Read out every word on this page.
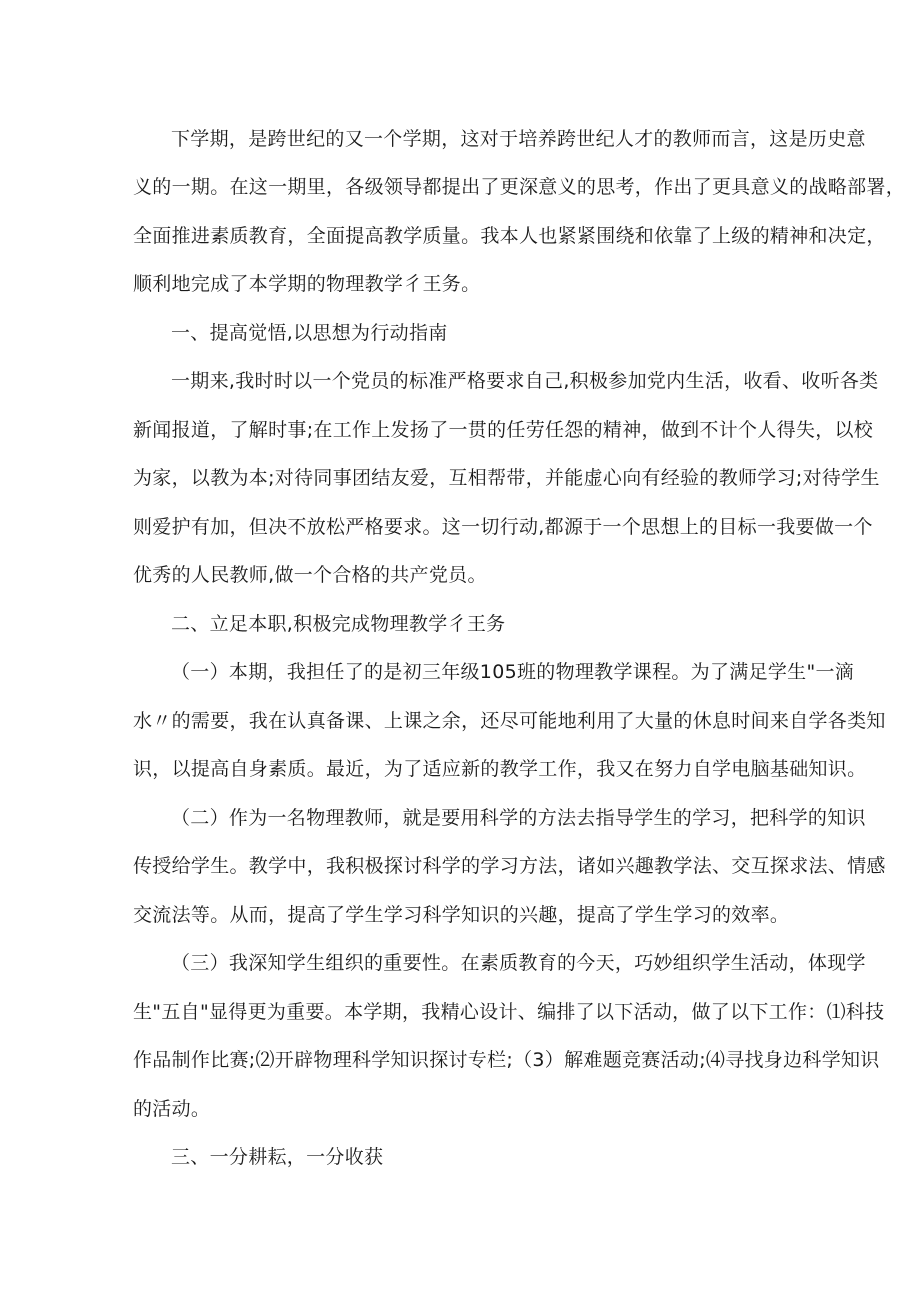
下学期，是跨世纪的又一个学期，这对于培养跨世纪人才的教师而言，这是历史意
义的一期。在这一期里，各级领导都提出了更深意义的思考，作出了更具意义的战略部署，
全面推进素质教育，全面提高教学质量。我本人也紧紧围绕和依靠了上级的精神和决定，
顺利地完成了本学期的物理教学彳王务。
一、提高觉悟,以思想为行动指南
一期来,我时时以一个党员的标准严格要求自己,积极参加党内生活，收看、收听各类
新闻报道，了解时事;在工作上发扬了一贯的任劳任怨的精神，做到不计个人得失，以校
为家，以教为本;对待同事团结友爱，互相帮带，并能虚心向有经验的教师学习;对待学生
则爱护有加，但决不放松严格要求。这一切行动,都源于一个思想上的目标一我要做一个
优秀的人民教师,做一个合格的共产党员。
二、立足本职,积极完成物理教学彳王务
（一）本期，我担任了的是初三年级105班的物理教学课程。为了满足学生"一滴
水〃的需要，我在认真备课、上课之余，还尽可能地利用了大量的休息时间来自学各类知
识，以提高自身素质。最近，为了适应新的教学工作，我又在努力自学电脑基础知识。
（二）作为一名物理教师，就是要用科学的方法去指导学生的学习，把科学的知识
传授给学生。教学中，我积极探讨科学的学习方法，诸如兴趣教学法、交互探求法、情感
交流法等。从而，提高了学生学习科学知识的兴趣，提高了学生学习的效率。
（三）我深知学生组织的重要性。在素质教育的今天，巧妙组织学生活动，体现学
生"五自"显得更为重要。本学期，我精心设计、编排了以下活动，做了以下工作：⑴科技
作品制作比赛;⑵开辟物理科学知识探讨专栏;（3）解难题竞赛活动;⑷寻找身边科学知识
的活动。
三、一分耕耘，一分收获
